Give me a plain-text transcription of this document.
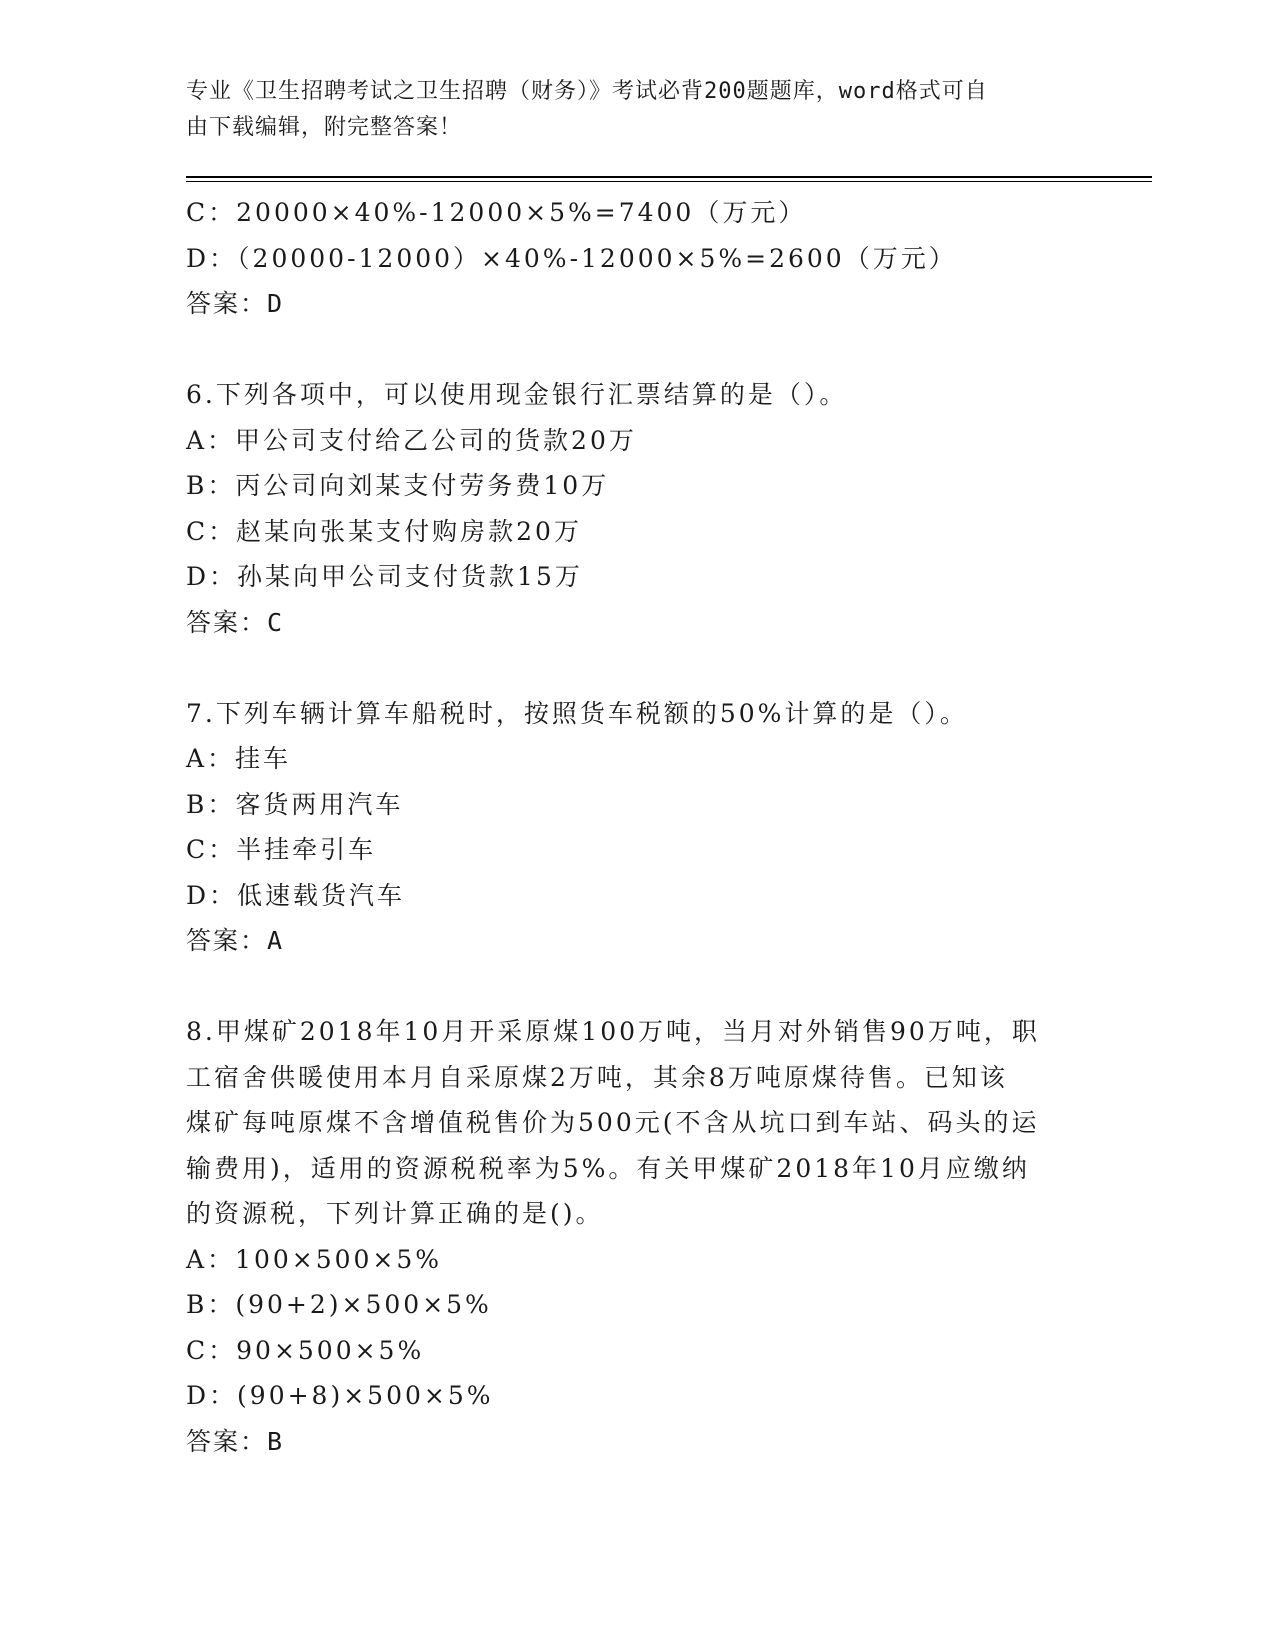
专业《卫生招聘考试之卫生招聘（财务）》考试必背200题题库，word格式可自
由下载编辑，附完整答案！
C：20000×40%-12000×5%=7400（万元）
D：（20000-12000）×40%-12000×5%=2600（万元）
答案：D
6.下列各项中，可以使用现金银行汇票结算的是（）。
A：甲公司支付给乙公司的货款20万
B：丙公司向刘某支付劳务费10万
C：赵某向张某支付购房款20万
D：孙某向甲公司支付货款15万
答案：C
7.下列车辆计算车船税时，按照货车税额的50%计算的是（）。
A：挂车
B：客货两用汽车
C：半挂牵引车
D：低速载货汽车
答案：A
8.甲煤矿2018年10月开采原煤100万吨，当月对外销售90万吨，职
工宿舍供暖使用本月自采原煤2万吨，其余8万吨原煤待售。已知该
煤矿每吨原煤不含增值税售价为500元(不含从坑口到车站、码头的运
输费用)，适用的资源税税率为5%。有关甲煤矿2018年10月应缴纳
的资源税，下列计算正确的是()。
A：100×500×5%
B：(90+2)×500×5%
C：90×500×5%
D：(90+8)×500×5%
答案：B
